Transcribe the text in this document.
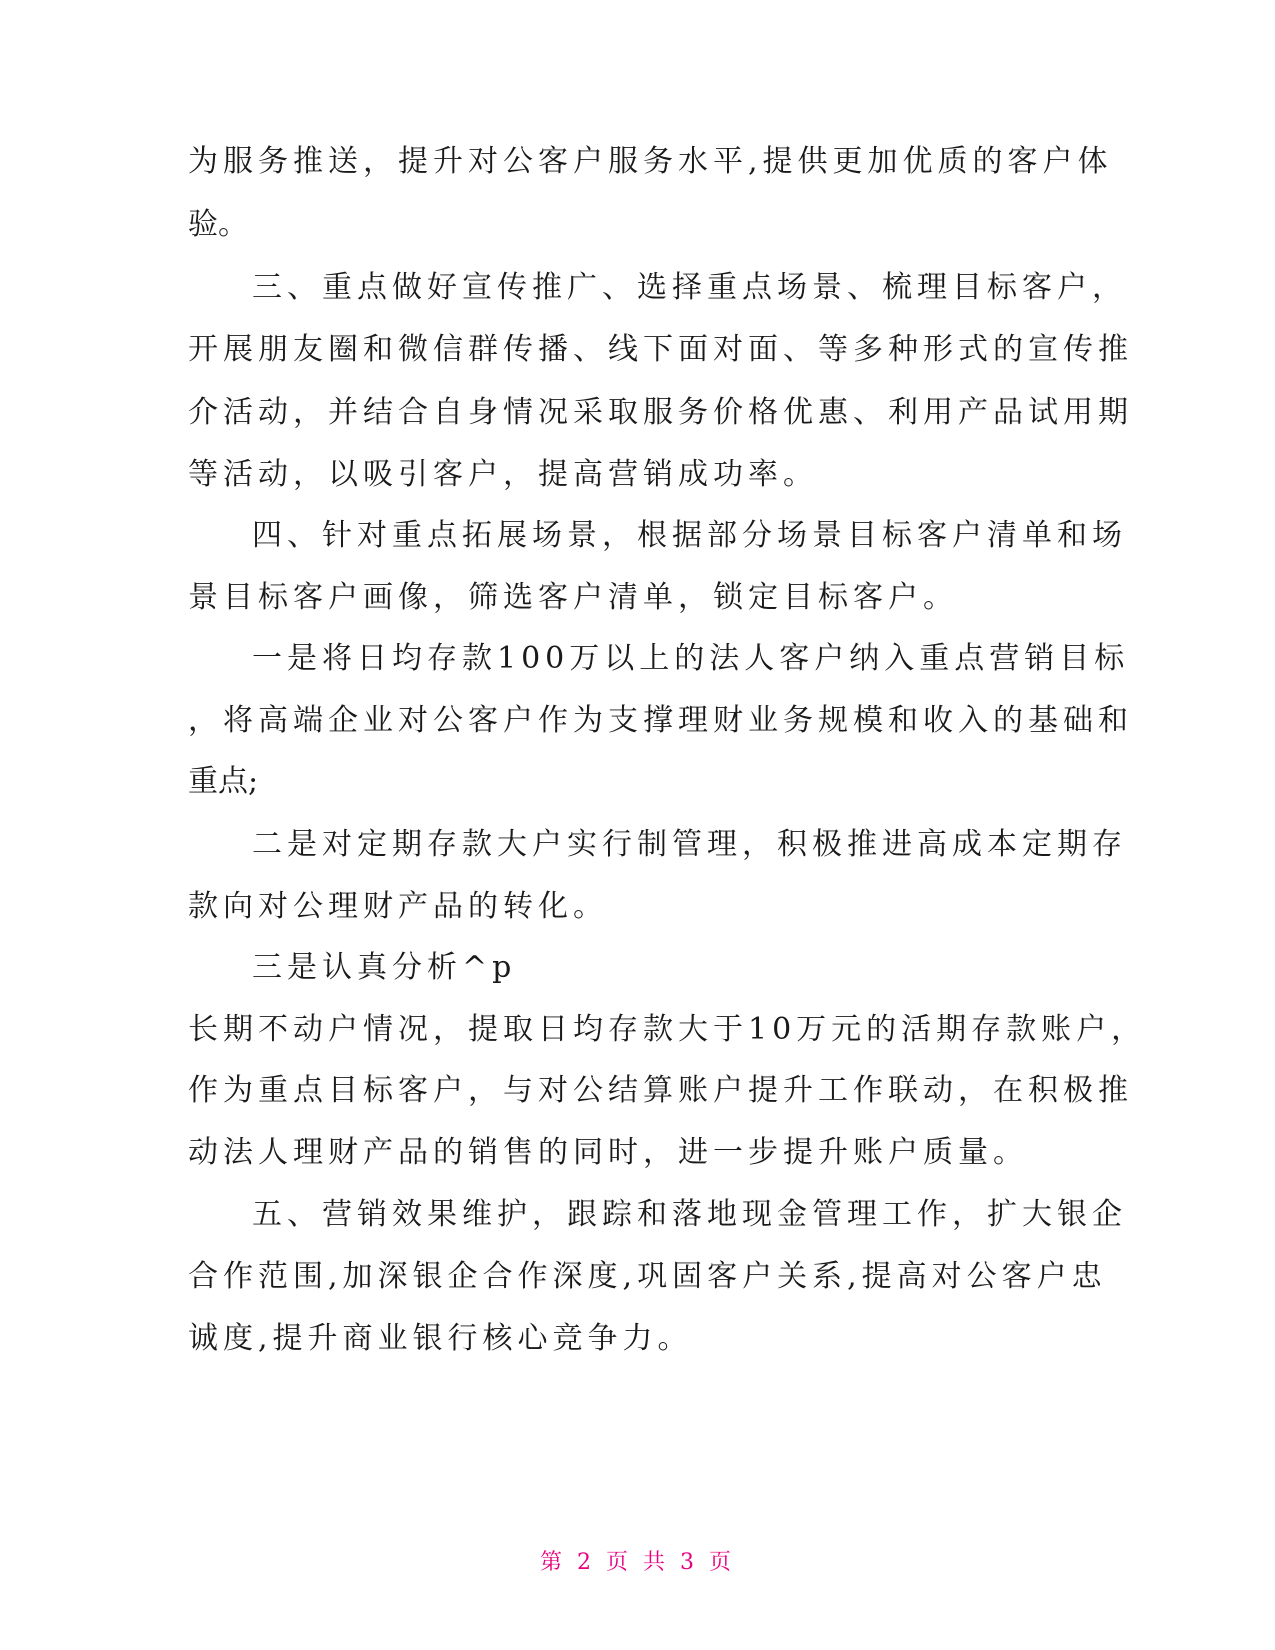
为服务推送，提升对公客户服务水平,提供更加优质的客户体
验。
三、重点做好宣传推广、选择重点场景、梳理目标客户，
开展朋友圈和微信群传播、线下面对面、等多种形式的宣传推
介活动，并结合自身情况采取服务价格优惠、利用产品试用期
等活动，以吸引客户，提高营销成功率。
四、针对重点拓展场景，根据部分场景目标客户清单和场
景目标客户画像，筛选客户清单，锁定目标客户。
一是将日均存款100万以上的法人客户纳入重点营销目标
，将高端企业对公客户作为支撑理财业务规模和收入的基础和
重点;
二是对定期存款大户实行制管理，积极推进高成本定期存
款向对公理财产品的转化。
三是认真分析^p
长期不动户情况，提取日均存款大于10万元的活期存款账户，
作为重点目标客户，与对公结算账户提升工作联动，在积极推
动法人理财产品的销售的同时，进一步提升账户质量。
五、营销效果维护，跟踪和落地现金管理工作，扩大银企
合作范围,加深银企合作深度,巩固客户关系,提高对公客户忠
诚度,提升商业银行核心竞争力。
第 2 页 共 3 页
